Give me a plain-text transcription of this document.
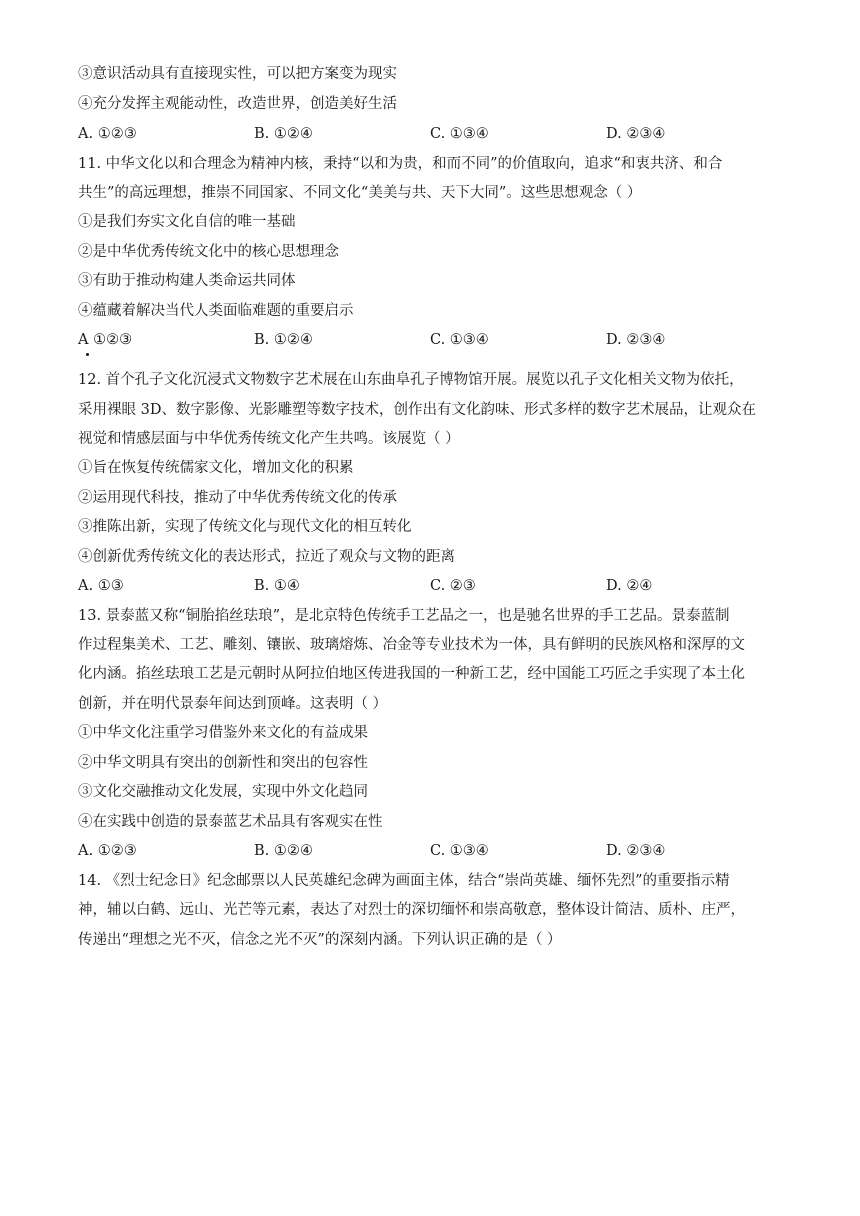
③意识活动具有直接现实性，可以把方案变为现实
④充分发挥主观能动性，改造世界，创造美好生活
A. ①②③	B. ①②④	C. ①③④	D. ②③④
11. 中华文化以和合理念为精神内核，秉持“以和为贵，和而不同”的价值取向，追求“和衷共济、和合
共生”的高远理想，推崇不同国家、不同文化“美美与共、天下大同”。这些思想观念（ ）
①是我们夯实文化自信的唯一基础
②是中华优秀传统文化中的核心思想理念
③有助于推动构建人类命运共同体
④蕴藏着解决当代人类面临难题的重要启示
A ①②③	B. ①②④	C. ①③④	D. ②③④
12. 首个孔子文化沉浸式文物数字艺术展在山东曲阜孔子博物馆开展。展览以孔子文化相关文物为依托，
采用裸眼 3D、数字影像、光影雕塑等数字技术，创作出有文化韵味、形式多样的数字艺术展品，让观众在
视觉和情感层面与中华优秀传统文化产生共鸣。该展览（ ）
①旨在恢复传统儒家文化，增加文化的积累
②运用现代科技，推动了中华优秀传统文化的传承
③推陈出新，实现了传统文化与现代文化的相互转化
④创新优秀传统文化的表达形式，拉近了观众与文物的距离
A. ①③	B. ①④	C. ②③	D. ②④
13. 景泰蓝又称“铜胎掐丝珐琅”，是北京特色传统手工艺品之一，也是驰名世界的手工艺品。景泰蓝制
作过程集美术、工艺、雕刻、镶嵌、玻璃熔炼、冶金等专业技术为一体，具有鲜明的民族风格和深厚的文
化内涵。掐丝珐琅工艺是元朝时从阿拉伯地区传进我国的一种新工艺，经中国能工巧匠之手实现了本土化
创新，并在明代景泰年间达到顶峰。这表明（ ）
①中华文化注重学习借鉴外来文化的有益成果
②中华文明具有突出的创新性和突出的包容性
③文化交融推动文化发展，实现中外文化趋同
④在实践中创造的景泰蓝艺术品具有客观实在性
A. ①②③	B. ①②④	C. ①③④	D. ②③④
14. 《烈士纪念日》纪念邮票以人民英雄纪念碑为画面主体，结合“崇尚英雄、缅怀先烈”的重要指示精
神，辅以白鹤、远山、光芒等元素，表达了对烈士的深切缅怀和崇高敬意，整体设计简洁、质朴、庄严，
传递出“理想之光不灭，信念之光不灭”的深刻内涵。下列认识正确的是（ ）
